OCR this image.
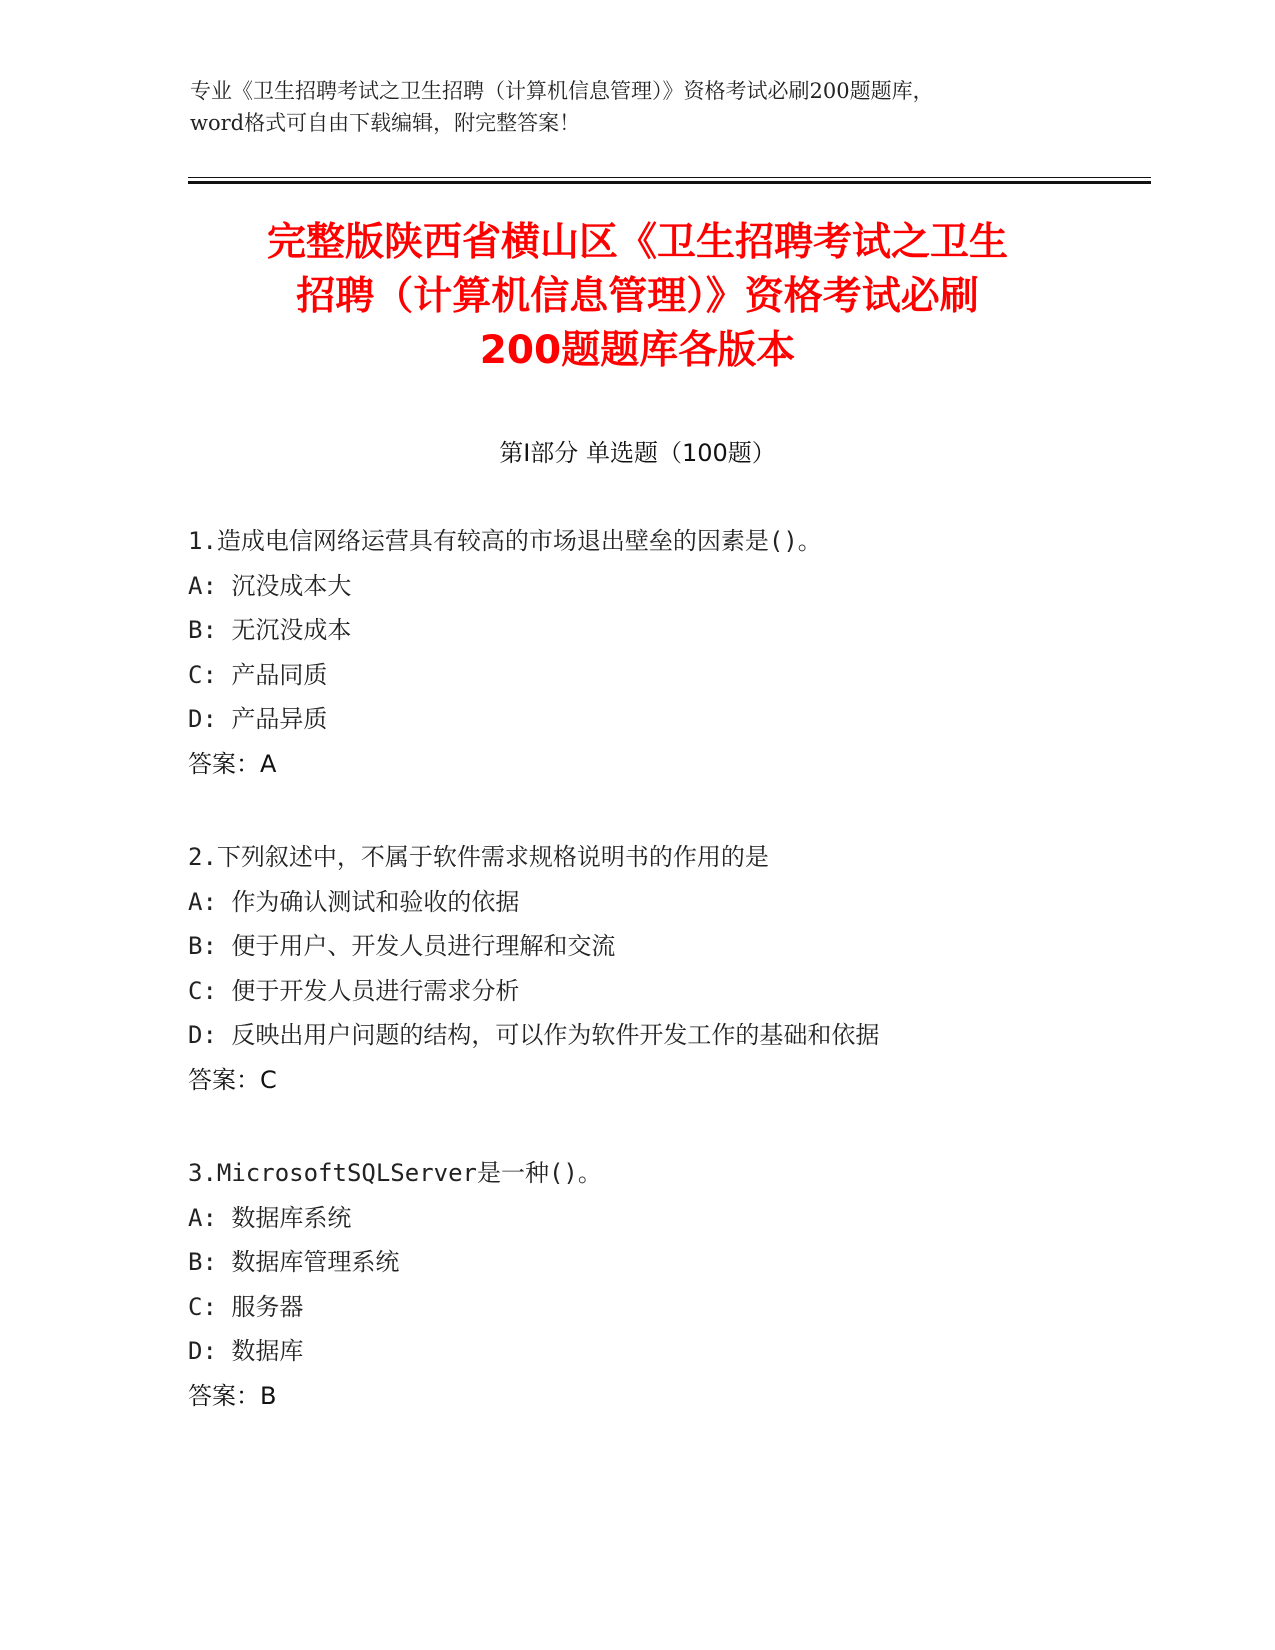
专业《卫生招聘考试之卫生招聘（计算机信息管理）》资格考试必刷200题题库，
word格式可自由下载编辑，附完整答案！
完整版陕西省横山区《卫生招聘考试之卫生
招聘（计算机信息管理）》资格考试必刷
200题题库各版本
第I部分 单选题（100题）
1.造成电信网络运营具有较高的市场退出壁垒的因素是()。
A: 沉没成本大
B: 无沉没成本
C: 产品同质
D: 产品异质
答案：A
2.下列叙述中，不属于软件需求规格说明书的作用的是
A: 作为确认测试和验收的依据
B: 便于用户、开发人员进行理解和交流
C: 便于开发人员进行需求分析
D: 反映出用户问题的结构，可以作为软件开发工作的基础和依据
答案：C
3.MicrosoftSQLServer是一种()。
A: 数据库系统
B: 数据库管理系统
C: 服务器
D: 数据库
答案：B
